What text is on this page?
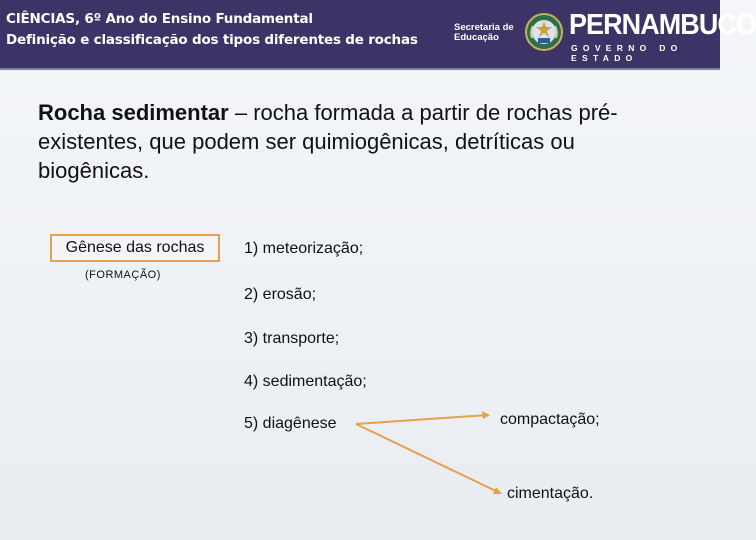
CIÊNCIAS, 6º Ano do Ensino Fundamental
Definição e classificação dos tipos diferentes de rochas
Secretaria de
Educação	PERNAMBUCO
GOVERNO DO ESTADO
Rocha sedimentar – rocha formada a partir de rochas pré-existentes, que podem ser quimiogênicas, detríticas ou biogênicas.
Gênese das rochas
(FORMAÇÃO)
1) meteorização;
2) erosão;
3) transporte;
4) sedimentação;
5) diagênese	compactação;
cimentação.
